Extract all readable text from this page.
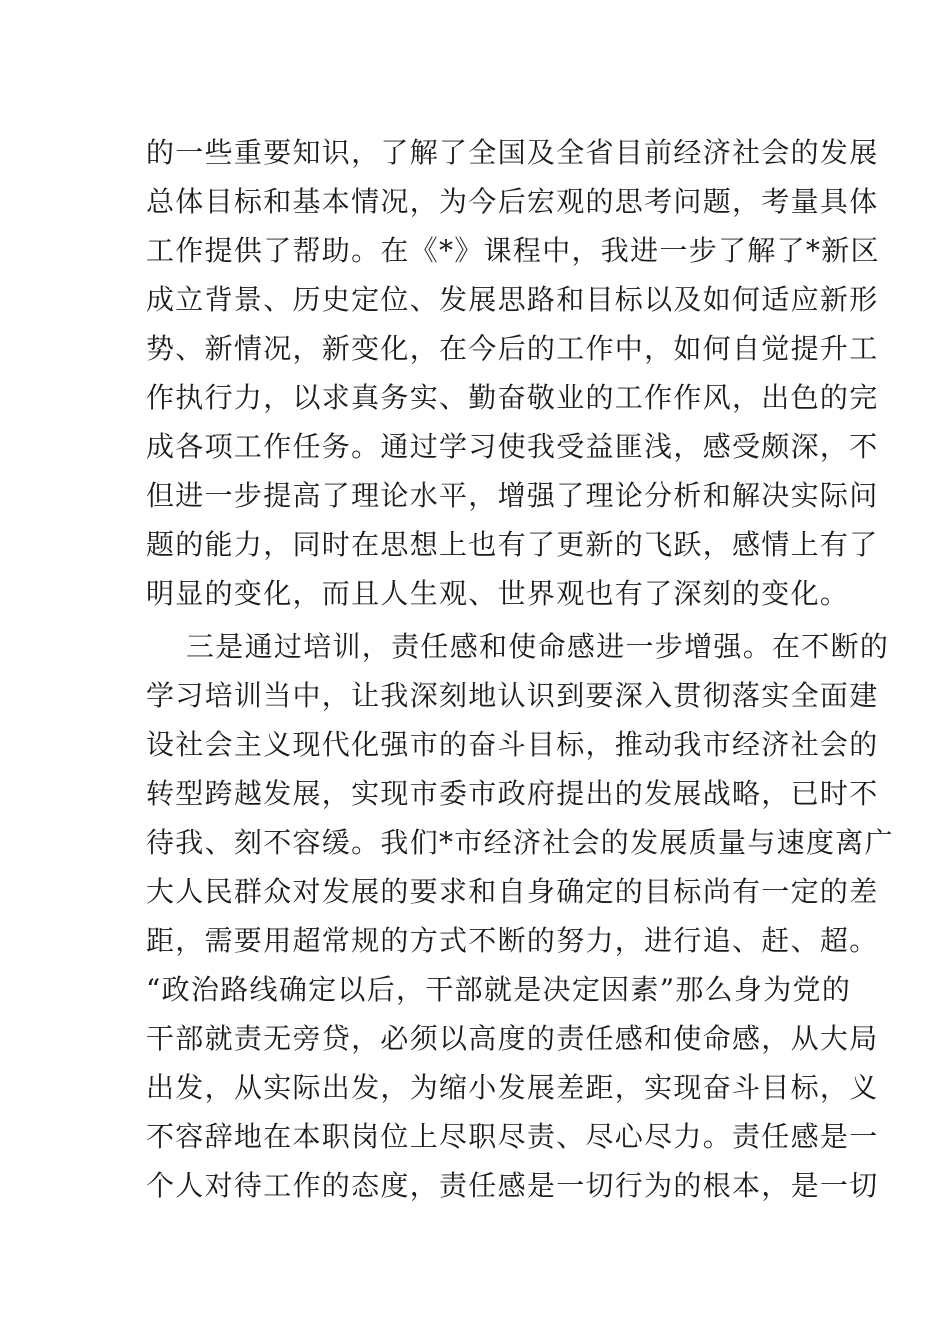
的一些重要知识，了解了全国及全省目前经济社会的发展
总体目标和基本情况，为今后宏观的思考问题，考量具体
工作提供了帮助。在《*》课程中，我进一步了解了*新区
成立背景、历史定位、发展思路和目标以及如何适应新形
势、新情况，新变化，在今后的工作中，如何自觉提升工
作执行力，以求真务实、勤奋敬业的工作作风，出色的完
成各项工作任务。通过学习使我受益匪浅，感受颇深，不
但进一步提高了理论水平，增强了理论分析和解决实际问
题的能力，同时在思想上也有了更新的飞跃，感情上有了
明显的变化，而且人生观、世界观也有了深刻的变化。
三是通过培训，责任感和使命感进一步增强。在不断的
学习培训当中，让我深刻地认识到要深入贯彻落实全面建
设社会主义现代化强市的奋斗目标，推动我市经济社会的
转型跨越发展，实现市委市政府提出的发展战略，已时不
待我、刻不容缓。我们*市经济社会的发展质量与速度离广
大人民群众对发展的要求和自身确定的目标尚有一定的差
距，需要用超常规的方式不断的努力，进行追、赶、超。
“政治路线确定以后，干部就是决定因素”那么身为党的
干部就责无旁贷，必须以高度的责任感和使命感，从大局
出发，从实际出发，为缩小发展差距，实现奋斗目标，义
不容辞地在本职岗位上尽职尽责、尽心尽力。责任感是一
个人对待工作的态度，责任感是一切行为的根本，是一切
